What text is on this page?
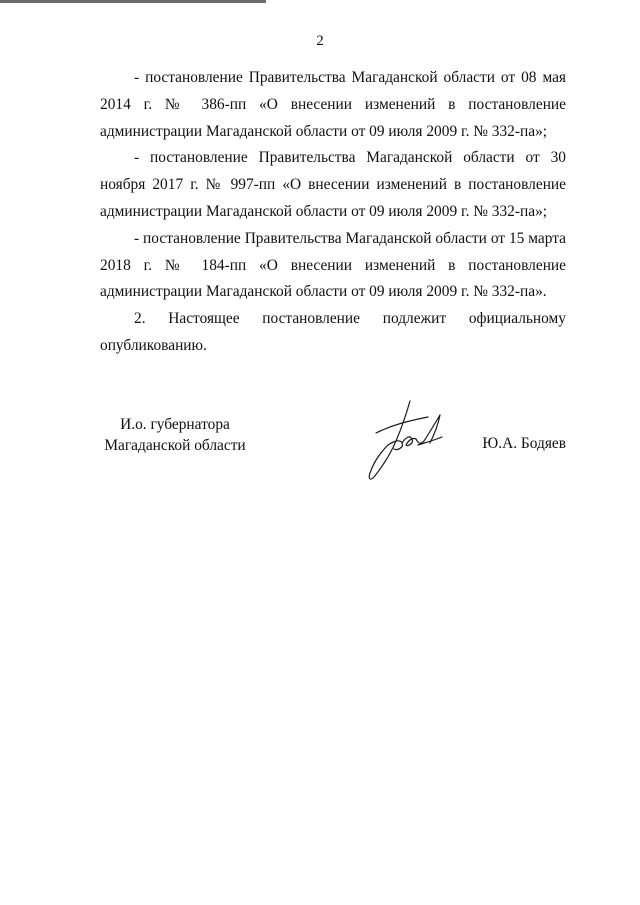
2

- постановление Правительства Магаданской области от 08 мая 2014 г. № 386-пп «О внесении изменений в постановление администрации Магаданской области от 09 июля 2009 г. № 332-па»;

- постановление Правительства Магаданской области от 30 ноября 2017 г. № 997-пп «О внесении изменений в постановление администрации Магаданской области от 09 июля 2009 г. № 332-па»;

- постановление Правительства Магаданской области от 15 марта 2018 г. № 184-пп «О внесении изменений в постановление администрации Магаданской области от 09 июля 2009 г. № 332-па».

2. Настоящее постановление подлежит официальному

опубликованию.

И.о. губернатора
Магаданской области	Ю.А. Бодяев
